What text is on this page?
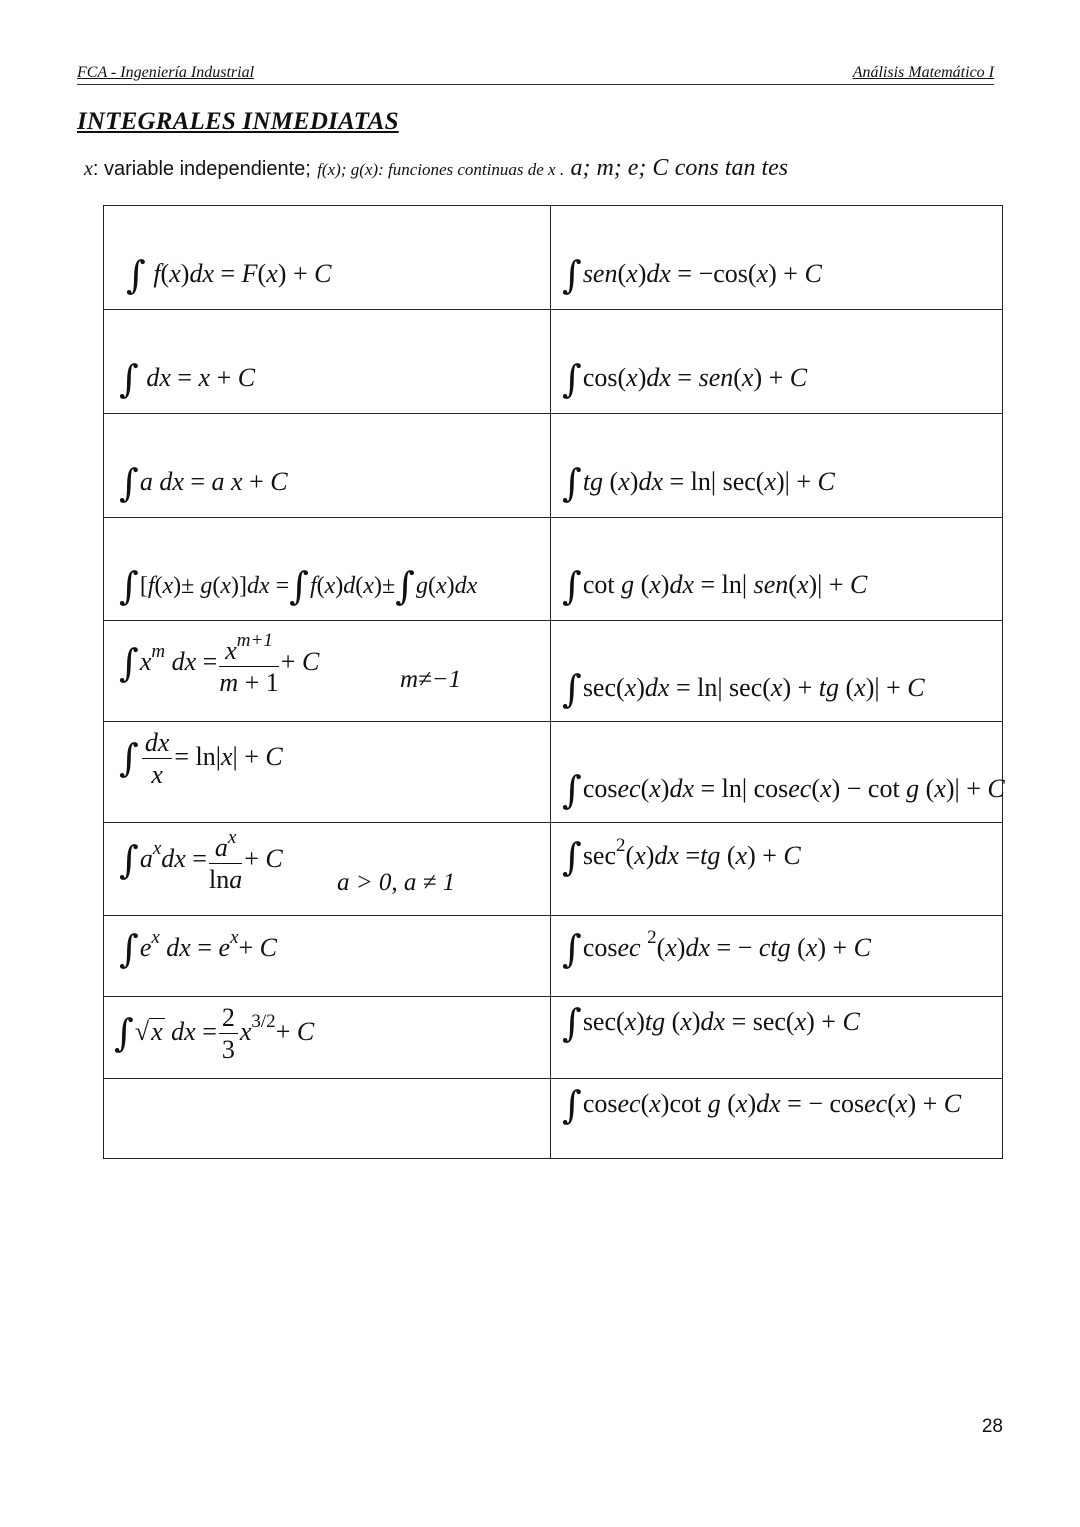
FCA - Ingeniería Industrial	Análisis Matemático I
INTEGRALES INMEDIATAS
x: variable independiente; f(x); g(x): funciones continuas de x . a; m; e; C cons tan tes
∫ f(x)dx = F(x) + C
∫ dx = x + C
∫a dx = a x + C
∫[f(x)± g(x)]dx =∫f(x)d(x)±∫g(x)dx
$\int x^m$ dx = $\frac{x^{m+1}}{m + 1} + C$
m≠−1
∫ $\frac{dx}{x} = \ln|x| + C$
$\int a^xdx = \frac{a^x}{\ln a} + C$
a > 0, a ≠ 1
$\int e^x$ dx = $e^x+ C$
∫√x dx = $\frac{2}{3} x^{3/2}+ C$
∫sen(x)dx = −cos(x) + C
∫cos(x)dx = sen(x) + C
∫tg (x)dx = ln| sec(x)| + C
∫cot g (x)dx = ln| sen(x)| + C
∫sec(x)dx = ln| sec(x) + tg (x)| + C
∫cosec(x)dx = ln| cosec(x) − cot g (x)| + C
$\int\sec^2(x)dx =tg$ (x) + C
∫cosec $^2$(x)dx = − ctg (x) + C
∫sec(x)tg (x)dx = sec(x) + C
∫cosec(x)cot g (x)dx = − cosec(x) + C
28
